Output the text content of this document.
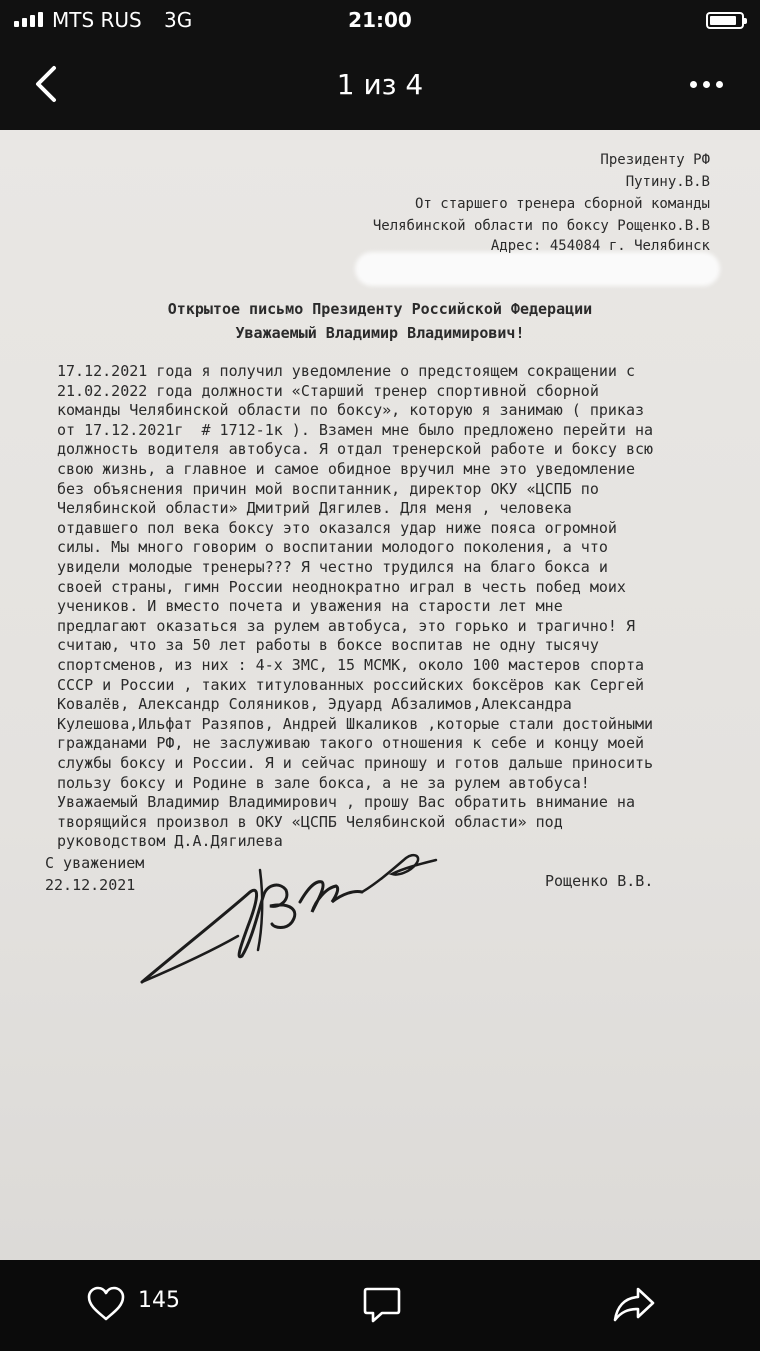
MTS RUS 3G	21:00
1 из 4
Рощенко В.В.
Президенту РФ
Путину.В.В
От старшего тренера сборной команды
Челябинской области по боксу Рощенко.В.В
Адрес: 454084 г. Челябинск
Открытое письмо Президенту Российской Федерации
Уважаемый Владимир Владимирович!
17.12.2021 года я получил уведомление о предстоящем сокращении с
21.02.2022 года должности «Старший тренер спортивной сборной
команды Челябинской области по боксу», которую я занимаю ( приказ
от 17.12.2021г  # 1712-1к ). Взамен мне было предложено перейти на
должность водителя автобуса. Я отдал тренерской работе и боксу всю
свою жизнь, а главное и самое обидное вручил мне это уведомление
без объяснения причин мой воспитанник, директор ОКУ «ЦСПБ по
Челябинской области» Дмитрий Дягилев. Для меня , человека
отдавшего пол века боксу это оказался удар ниже пояса огромной
силы. Мы много говорим о воспитании молодого поколения, а что
увидели молодые тренеры??? Я честно трудился на благо бокса и
своей страны, гимн России неоднократно играл в честь побед моих
учеников. И вместо почета и уважения на старости лет мне
предлагают оказаться за рулем автобуса, это горько и трагично! Я
считаю, что за 50 лет работы в боксе воспитав не одну тысячу
спортсменов, из них : 4-х ЗМС, 15 МСМК, около 100 мастеров спорта
СССР и России , таких титулованных российских боксёров как Сергей
Ковалёв, Александр Соляников, Эдуард Абзалимов,Александра
Кулешова,Ильфат Разяпов, Андрей Шкаликов ,которые стали достойными
гражданами РФ, не заслуживаю такого отношения к себе и концу моей
службы боксу и России. Я и сейчас приношу и готов дальше приносить
пользу боксу и Родине в зале бокса, а не за рулем автобуса!
Уважаемый Владимир Владимирович , прошу Вас обратить внимание на
творящийся произвол в ОКУ «ЦСПБ Челябинской области» под
руководством Д.А.Дягилева
С уважением
22.12.2021
145
